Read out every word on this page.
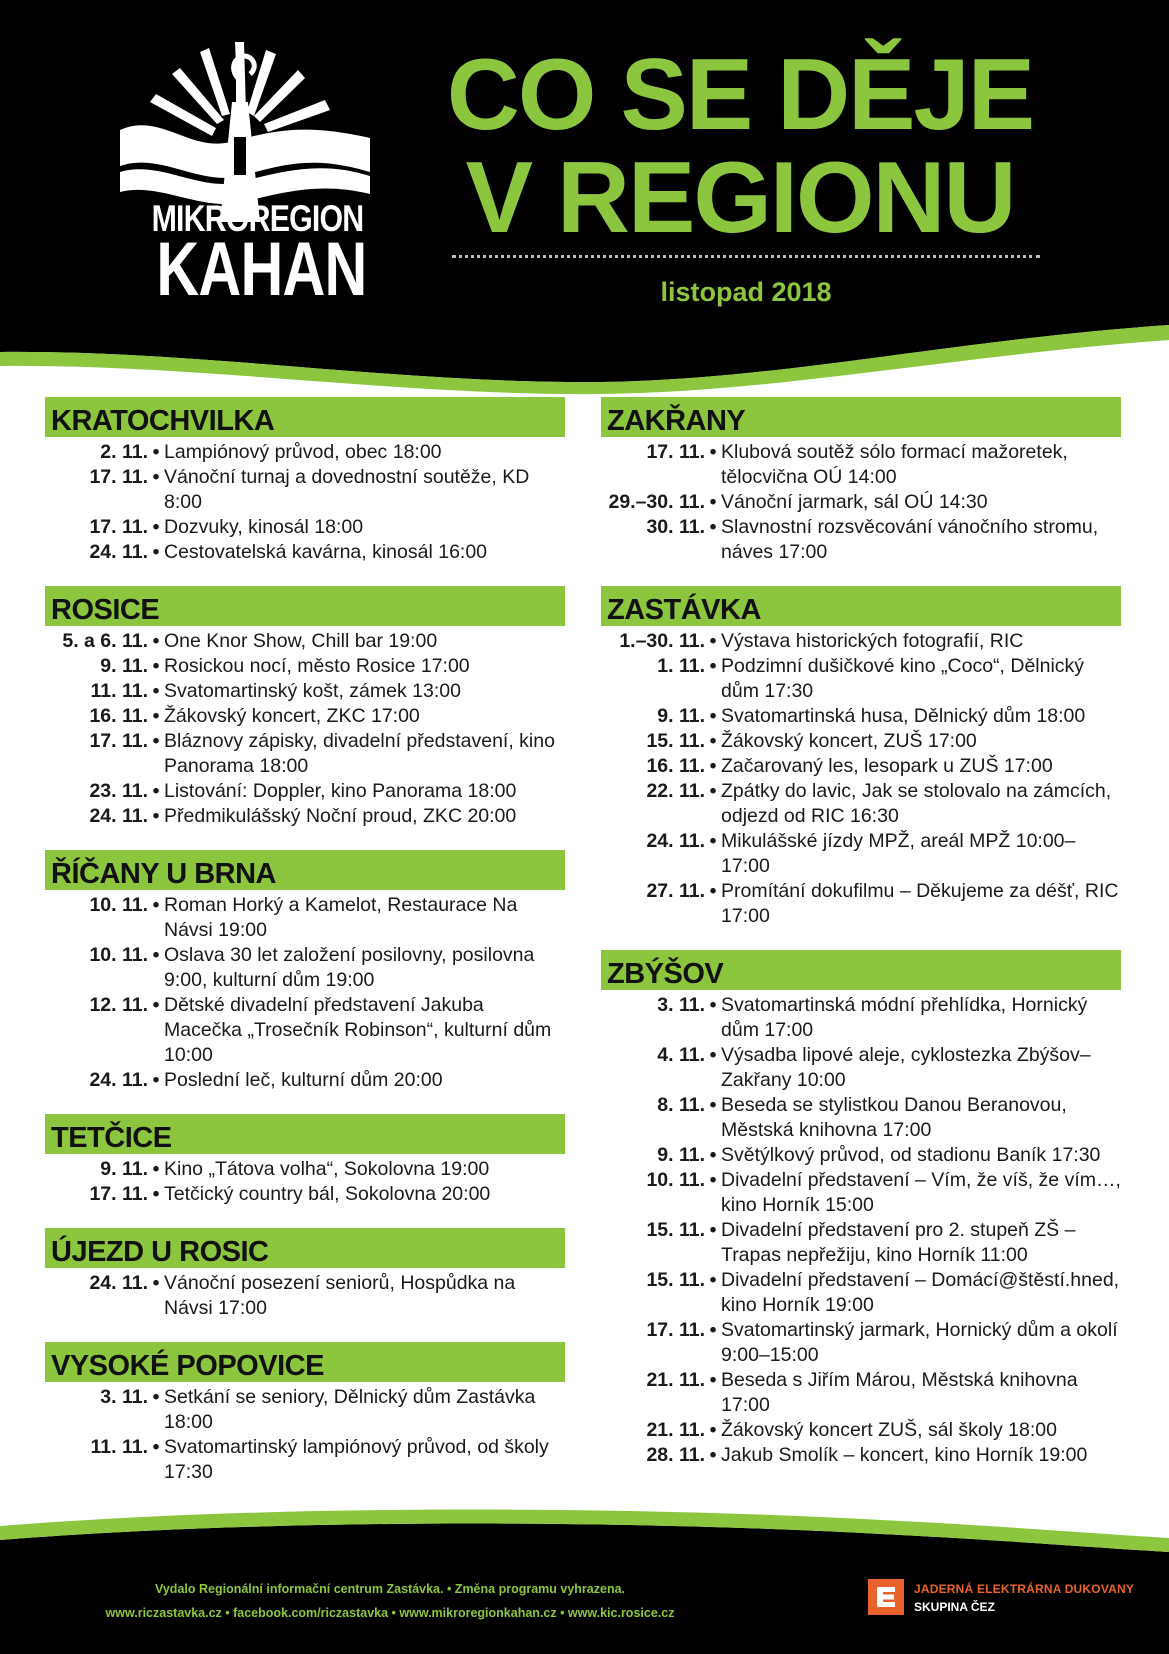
MIKROREGION
KAHAN
CO SE DĚJE
V REGIONU
listopad 2018
KRATOCHVILKA
2. 11. • Lampiónový průvod, obec 18:00
17. 11. • Vánoční turnaj a dovednostní soutěže, KD 8:00
17. 11. • Dozvuky, kinosál 18:00
24. 11. • Cestovatelská kavárna, kinosál 16:00
ROSICE
5. a 6. 11. • One Knor Show, Chill bar 19:00
9. 11. • Rosickou nocí, město Rosice 17:00
11. 11. • Svatomartinský košt, zámek 13:00
16. 11. • Žákovský koncert, ZKC 17:00
17. 11. • Bláznovy zápisky, divadelní představení, kino Panorama 18:00
23. 11. • Listování: Doppler, kino Panorama 18:00
24. 11. • Předmikulášský Noční proud, ZKC 20:00
ŘÍČANY U BRNA
10. 11. • Roman Horký a Kamelot, Restaurace Na Návsi 19:00
10. 11. • Oslava 30 let založení posilovny, posilovna 9:00, kulturní dům 19:00
12. 11. • Dětské divadelní představení Jakuba Macečka „Trosečník Robinson“, kulturní dům 10:00
24. 11. • Poslední leč, kulturní dům 20:00
TETČICE
9. 11. • Kino „Tátova volha“, Sokolovna 19:00
17. 11. • Tetčický country bál, Sokolovna 20:00
ÚJEZD U ROSIC
24. 11. • Vánoční posezení seniorů, Hospůdka na Návsi 17:00
VYSOKÉ POPOVICE
3. 11. • Setkání se seniory, Dělnický dům Zastávka 18:00
11. 11. • Svatomartinský lampiónový průvod, od školy 17:30
ZAKŘANY
17. 11. • Klubová soutěž sólo formací mažoretek, tělocvična OÚ 14:00
29.–30. 11. • Vánoční jarmark, sál OÚ 14:30
30. 11. • Slavnostní rozsvěcování vánočního stromu, náves 17:00
ZASTÁVKA
1.–30. 11. • Výstava historických fotografií, RIC
1. 11. • Podzimní dušičkové kino „Coco“, Dělnický dům 17:30
9. 11. • Svatomartinská husa, Dělnický dům 18:00
15. 11. • Žákovský koncert, ZUŠ 17:00
16. 11. • Začarovaný les, lesopark u ZUŠ 17:00
22. 11. • Zpátky do lavic, Jak se stolovalo na zámcích, odjezd od RIC 16:30
24. 11. • Mikulášské jízdy MPŽ, areál MPŽ 10:00–17:00
27. 11. • Promítání dokufilmu – Děkujeme za déšť, RIC 17:00
ZBÝŠOV
3. 11. • Svatomartinská módní přehlídka, Hornický dům 17:00
4. 11. • Výsadba lipové aleje, cyklostezka Zbýšov–Zakřany 10:00
8. 11. • Beseda se stylistkou Danou Beranovou, Městská knihovna 17:00
9. 11. • Světýlkový průvod, od stadionu Baník 17:30
10. 11. • Divadelní představení – Vím, že víš, že vím…, kino Horník 15:00
15. 11. • Divadelní představení pro 2. stupeň ZŠ – Trapas nepřežiju, kino Horník 11:00
15. 11. • Divadelní představení – Domácí@štěstí.hned, kino Horník 19:00
17. 11. • Svatomartinský jarmark, Hornický dům a okolí 9:00–15:00
21. 11. • Beseda s Jiřím Márou, Městská knihovna 17:00
21. 11. • Žákovský koncert ZUŠ, sál školy 18:00
28. 11. • Jakub Smolík – koncert, kino Horník 19:00
Vydalo Regionální informační centrum Zastávka. • Změna programu vyhrazena.
www.riczastavka.cz • facebook.com/riczastavka • www.mikroregionkahan.cz • www.kic.rosice.cz
JADERNÁ ELEKTRÁRNA DUKOVANY
SKUPINA ČEZ
